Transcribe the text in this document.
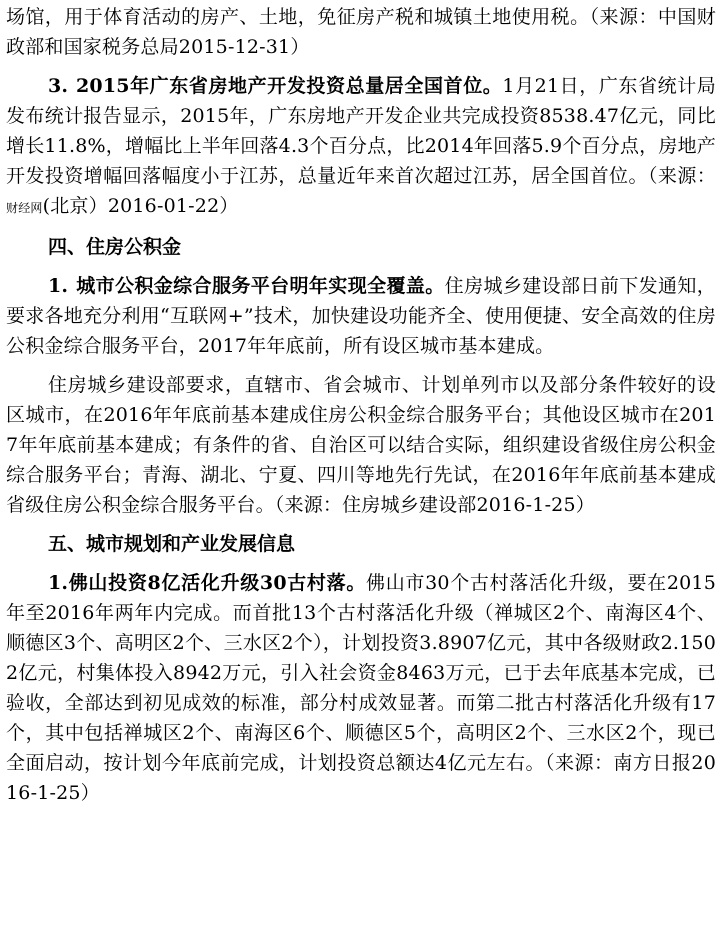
场馆，用于体育活动的房产、土地，免征房产税和城镇土地使用税。（来源：中国财政部和国家税务总局2015-12-31）

3. 2015年广东省房地产开发投资总量居全国首位。1月21日，广东省统计局发布统计报告显示，2015年，广东房地产开发企业共完成投资8538.47亿元，同比增长11.8%，增幅比上半年回落4.3个百分点，比2014年回落5.9个百分点，房地产开发投资增幅回落幅度小于江苏，总量近年来首次超过江苏，居全国首位。（来源：财经网(北京）2016-01-22）

四、住房公积金

1. 城市公积金综合服务平台明年实现全覆盖。住房城乡建设部日前下发通知，要求各地充分利用“互联网+”技术，加快建设功能齐全、使用便捷、安全高效的住房公积金综合服务平台，2017年年底前，所有设区城市基本建成。

住房城乡建设部要求，直辖市、省会城市、计划单列市以及部分条件较好的设区城市，在2016年年底前基本建成住房公积金综合服务平台；其他设区城市在2017年年底前基本建成；有条件的省、自治区可以结合实际，组织建设省级住房公积金综合服务平台；青海、湖北、宁夏、四川等地先行先试，在2016年年底前基本建成省级住房公积金综合服务平台。（来源：住房城乡建设部2016-1-25）

五、城市规划和产业发展信息

1.佛山投资8亿活化升级30古村落。佛山市30个古村落活化升级，要在2015年至2016年两年内完成。而首批13个古村落活化升级（禅城区2个、南海区4个、顺德区3个、高明区2个、三水区2个），计划投资3.8907亿元，其中各级财政2.1502亿元，村集体投入8942万元，引入社会资金8463万元，已于去年底基本完成，已验收，全部达到初见成效的标准，部分村成效显著。而第二批古村落活化升级有17个，其中包括禅城区2个、南海区6个、顺德区5个，高明区2个、三水区2个，现已全面启动，按计划今年底前完成，计划投资总额达4亿元左右。（来源：南方日报2016-1-25）
